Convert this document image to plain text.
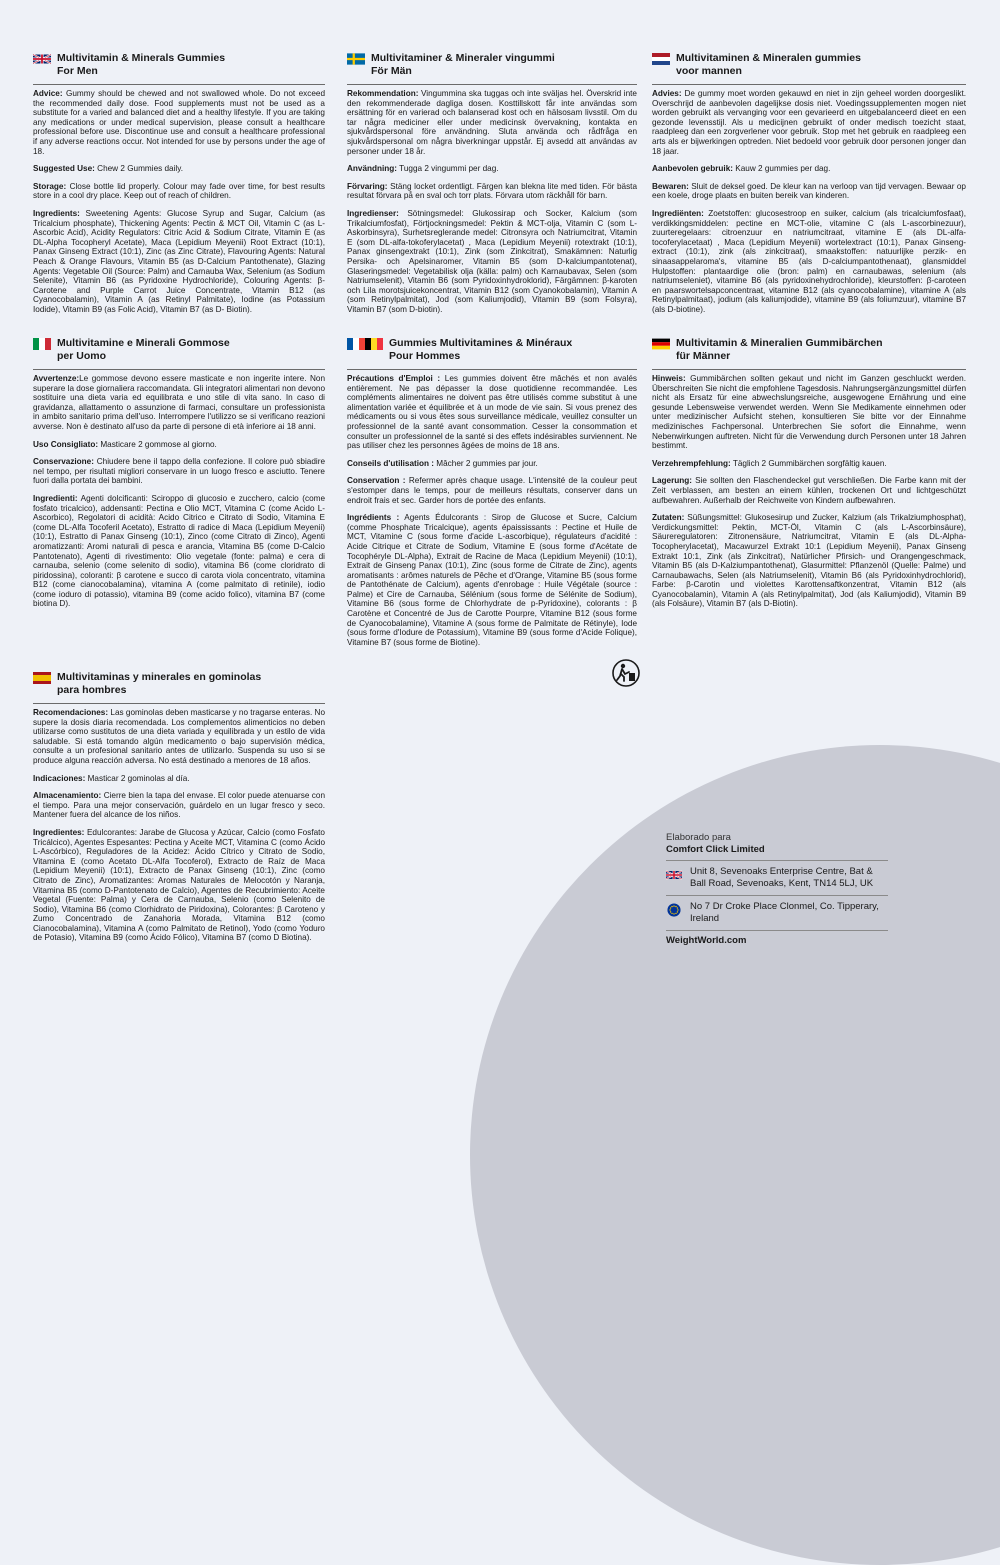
Multivitamin & Minerals Gummies
For Men

Advice: Gummy should be chewed and not swallowed whole. Do not exceed the recommended daily dose. Food supplements must not be used as a substitute for a varied and balanced diet and a healthy lifestyle. If you are taking any medications or under medical supervision, please consult a healthcare professional before use. Discontinue use and consult a healthcare professional if any adverse reactions occur. Not intended for use by persons under the age of 18.

Suggested Use: Chew 2 Gummies daily.

Storage: Close bottle lid properly. Colour may fade over time, for best results store in a cool dry place. Keep out of reach of children.

Ingredients: Sweetening Agents: Glucose Syrup and Sugar, Calcium (as Tricalcium phosphate), Thickening Agents: Pectin & MCT Oil, Vitamin C (as L-Ascorbic Acid), Acidity Regulators: Citric Acid & Sodium Citrate, Vitamin E (as DL-Alpha Tocopheryl Acetate), Maca (Lepidium Meyenii) Root Extract (10:1), Panax Ginseng Extract (10:1), Zinc (as Zinc Citrate), Flavouring Agents: Natural Peach & Orange Flavours, Vitamin B5 (as D-Calcium Pantothenate), Glazing Agents: Vegetable Oil (Source: Palm) and Carnauba Wax, Selenium (as Sodium Selenite), Vitamin B6 (as Pyridoxine Hydrochloride), Colouring Agents: β-Carotene and Purple Carrot Juice Concentrate, Vitamin B12 (as Cyanocobalamin), Vitamin A (as Retinyl Palmitate), Iodine (as Potassium Iodide), Vitamin B9 (as Folic Acid), Vitamin B7 (as D- Biotin).

Multivitaminer & Mineraler vingummi
För Män

Rekommendation: Vingummina ska tuggas och inte sväljas hel. Överskrid inte den rekommenderade dagliga dosen. Kosttillskott får inte användas som ersättning för en varierad och balanserad kost och en hälsosam livsstil. Om du tar några mediciner eller under medicinsk övervakning, kontakta en sjukvårdspersonal före användning. Sluta använda och rådfråga en sjukvårdspersonal om några biverkningar uppstår. Ej avsedd att användas av personer under 18 år.

Användning: Tugga 2 vingummi per dag.

Förvaring: Stäng locket ordentligt. Färgen kan blekna lite med tiden. För bästa resultat förvara på en sval och torr plats. Förvara utom räckhåll för barn.

Ingredienser: Sötningsmedel: Glukossirap och Socker, Kalcium (som Trikalciumfosfat), Förtjockningsmedel: Pektin & MCT-olja, Vitamin C (som L-Askorbinsyra), Surhetsreglerande medel: Citronsyra och Natriumcitrat, Vitamin E (som DL-alfa-tokoferylacetat) , Maca (Lepidium Meyenii) rotextrakt (10:1), Panax ginsengextrakt (10:1), Zink (som Zinkcitrat), Smakämnen: Naturlig Persika- och Apelsinaromer, Vitamin B5 (som D-kalciumpantotenat), Glaseringsmedel: Vegetabilisk olja (källa: palm) och Karnaubavax, Selen (som Natriumselenit), Vitamin B6 (som Pyridoxinhydroklorid), Färgämnen: β-karoten och Lila morotsjuicekoncentrat, Vitamin B12 (som Cyanokobalamin), Vitamin A (som Retinylpalmitat), Jod (som Kaliumjodid), Vitamin B9 (som Folsyra), Vitamin B7 (som D-biotin).

Multivitaminen & Mineralen gummies
voor mannen

Advies: De gummy moet worden gekauwd en niet in zijn geheel worden doorgeslikt. Overschrijd de aanbevolen dagelijkse dosis niet. Voedingssupplementen mogen niet worden gebruikt als vervanging voor een gevarieerd en uitgebalanceerd dieet en een gezonde levensstijl. Als u medicijnen gebruikt of onder medisch toezicht staat, raadpleeg dan een zorgverlener voor gebruik. Stop met het gebruik en raadpleeg een arts als er bijwerkingen optreden. Niet bedoeld voor gebruik door personen jonger dan 18 jaar.

Aanbevolen gebruik: Kauw 2 gummies per dag.

Bewaren: Sluit de deksel goed. De kleur kan na verloop van tijd vervagen. Bewaar op een koele, droge plaats en buiten bereik van kinderen.

Ingrediënten: Zoetstoffen: glucosestroop en suiker, calcium (als tricalciumfosfaat), verdikkingsmiddelen: pectine en MCT-olie, vitamine C (als L-ascorbinezuur), zuurteregelaars: citroenzuur en natriumcitraat, vitamine E (als DL-alfa-tocoferylacetaat) , Maca (Lepidium Meyenii) wortelextract (10:1), Panax Ginseng-extract (10:1), zink (als zinkcitraat), smaakstoffen: natuurlijke perzik- en sinaasappelaroma's, vitamine B5 (als D-calciumpantothenaat), glansmiddel Hulpstoffen: plantaardige olie (bron: palm) en carnaubawas, selenium (als natriumseleniet), vitamine B6 (als pyridoxinehydrochloride), kleurstoffen: β-caroteen en paarswortelsapconcentraat, vitamine B12 (als cyanocobalamine), vitamine A (als Retinylpalmitaat), jodium (als kaliumjodide), vitamine B9 (als foliumzuur), vitamine B7 (als D-biotine).

Multivitamine e Minerali Gommose
per Uomo

Avvertenze:Le gommose devono essere masticate e non ingerite intere. Non superare la dose giornaliera raccomandata. Gli integratori alimentari non devono sostituire una dieta varia ed equilibrata e uno stile di vita sano. In caso di gravidanza, allattamento o assunzione di farmaci, consultare un professionista in ambito sanitario prima dell'uso. Interrompere l'utilizzo se si verificano reazioni avverse. Non è destinato all'uso da parte di persone di età inferiore ai 18 anni.

Uso Consigliato: Masticare 2 gommose al giorno.

Conservazione: Chiudere bene il tappo della confezione. Il colore può sbiadire nel tempo, per risultati migliori conservare in un luogo fresco e asciutto. Tenere fuori dalla portata dei bambini.

Ingredienti: Agenti dolcificanti: Sciroppo di glucosio e zucchero, calcio (come fosfato tricalcico), addensanti: Pectina e Olio MCT, Vitamina C (come Acido L- Ascorbico), Regolatori di acidità: Acido Citrico e Citrato di Sodio, Vitamina E (come DL-Alfa Tocoferil Acetato), Estratto di radice di Maca (Lepidium Meyenii) (10:1), Estratto di Panax Ginseng (10:1), Zinco (come Citrato di Zinco), Agenti aromatizzanti: Aromi naturali di pesca e arancia, Vitamina B5 (come D-Calcio Pantotenato), Agenti di rivestimento: Olio vegetale (fonte: palma) e cera di carnauba, selenio (come selenito di sodio), vitamina B6 (come cloridrato di piridossina), coloranti: β carotene e succo di carota viola concentrato, vitamina B12 (come cianocobalamina), vitamina A (come palmitato di retinile), iodio (come ioduro di potassio), vitamina B9 (come acido folico), vitamina B7 (come biotina D).

Gummies Multivitamines & Minéraux
Pour Hommes

Précautions d'Emploi : Les gummies doivent être mâchés et non avalés entièrement. Ne pas dépasser la dose quotidienne recommandée. Les compléments alimentaires ne doivent pas être utilisés comme substitut à une alimentation variée et équilibrée et à un mode de vie sain. Si vous prenez des médicaments ou si vous êtes sous surveillance médicale, veuillez consulter un professionnel de la santé avant consommation. Cesser la consommation et consulter un professionnel de la santé si des effets indésirables surviennent. Ne pas utiliser chez les personnes âgées de moins de 18 ans.

Conseils d'utilisation : Mâcher 2 gummies par jour.

Conservation : Refermer après chaque usage. L'intensité de la couleur peut s'estomper dans le temps, pour de meilleurs résultats, conserver dans un endroit frais et sec. Garder hors de portée des enfants.

Ingrédients : Agents Édulcorants : Sirop de Glucose et Sucre, Calcium (comme Phosphate Tricalcique), agents épaississants : Pectine et Huile de MCT, Vitamine C (sous forme d'acide L-ascorbique), régulateurs d'acidité : Acide Citrique et Citrate de Sodium, Vitamine E (sous forme d'Acétate de Tocophéryle DL-Alpha), Extrait de Racine de Maca (Lepidium Meyenii) (10:1), Extrait de Ginseng Panax (10:1), Zinc (sous forme de Citrate de Zinc), agents aromatisants : arômes naturels de Pêche et d'Orange, Vitamine B5 (sous forme de Pantothénate de Calcium), agents d'enrobage : Huile Végétale (source : Palme) et Cire de Carnauba, Sélénium (sous forme de Sélénite de Sodium), Vitamine B6 (sous forme de Chlorhydrate de p-Pyridoxine), colorants : β Carotène et Concentré de Jus de Carotte Pourpre, Vitamine B12 (sous forme de Cyanocobalamine), Vitamine A (sous forme de Palmitate de Rétinyle), Iode (sous forme d'Iodure de Potassium), Vitamine B9 (sous forme d'Acide Folique), Vitamine B7 (sous forme de Biotine).

Multivitamin & Mineralien Gummibärchen
für Männer

Hinweis: Gummibärchen sollten gekaut und nicht im Ganzen geschluckt werden. Überschreiten Sie nicht die empfohlene Tagesdosis. Nahrungsergänzungsmittel dürfen nicht als Ersatz für eine abwechslungsreiche, ausgewogene Ernährung und eine gesunde Lebensweise verwendet werden. Wenn Sie Medikamente einnehmen oder unter medizinischer Aufsicht stehen, konsultieren Sie bitte vor der Einnahme medizinisches Fachpersonal. Unterbrechen Sie sofort die Einnahme, wenn Nebenwirkungen auftreten. Nicht für die Verwendung durch Personen unter 18 Jahren bestimmt.

Verzehrempfehlung: Täglich 2 Gummibärchen sorgfältig kauen.

Lagerung: Sie sollten den Flaschendeckel gut verschließen. Die Farbe kann mit der Zeit verblassen, am besten an einem kühlen, trockenen Ort und lichtgeschützt aufbewahren. Außerhalb der Reichweite von Kindern aufbewahren.

Zutaten: Süßungsmittel: Glukosesirup und Zucker, Kalzium (als Trikalziumphosphat), Verdickungsmittel: Pektin, MCT-Öl, Vitamin C (als L-Ascorbinsäure), Säureregulatoren: Zitronensäure, Natriumcitrat, Vitamin E (als DL-Alpha-Tocopherylacetat), Macawurzel Extrakt 10:1 (Lepidium Meyenii), Panax Ginseng Extrakt 10:1, Zink (als Zinkcitrat), Natürlicher Pfirsich- und Orangengeschmack, Vitamin B5 (als D-Kalziumpantothenat), Glasurmittel: Pflanzenöl (Quelle: Palme) und Carnaubawachs, Selen (als Natriumselenit), Vitamin B6 (als Pyridoxinhydrochlorid), Farbe: β-Carotin und violettes Karottensaftkonzentrat, Vitamin B12 (als Cyanocobalamin), Vitamin A (als Retinylpalmitat), Jod (als Kaliumjodid), Vitamin B9 (als Folsäure), Vitamin B7 (als D-Biotin).

Multivitaminas y minerales en gominolas
para hombres

Recomendaciones: Las gominolas deben masticarse y no tragarse enteras. No supere la dosis diaria recomendada. Los complementos alimenticios no deben utilizarse como sustitutos de una dieta variada y equilibrada y un estilo de vida saludable. Si está tomando algún medicamento o bajo supervisión médica, consulte a un profesional sanitario antes de utilizarlo. Suspenda su uso si se produce alguna reacción adversa. No está destinado a menores de 18 años.

Indicaciones: Masticar 2 gominolas al día.

Almacenamiento: Cierre bien la tapa del envase. El color puede atenuarse con el tiempo. Para una mejor conservación, guárdelo en un lugar fresco y seco. Mantener fuera del alcance de los niños.

Ingredientes: Edulcorantes: Jarabe de Glucosa y Azúcar, Calcio (como Fosfato Tricálcico), Agentes Espesantes: Pectina y Aceite MCT, Vitamina C (como Ácido L-Ascórbico), Reguladores de la Acidez: Ácido Cítrico y Citrato de Sodio, Vitamina E (como Acetato DL-Alfa Tocoferol), Extracto de Raíz de Maca (Lepidium Meyenii) (10:1), Extracto de Panax Ginseng (10:1), Zinc (como Citrato de Zinc), Aromatizantes: Aromas Naturales de Melocotón y Naranja, Vitamina B5 (como D-Pantotenato de Calcio), Agentes de Recubrimiento: Aceite Vegetal (Fuente: Palma) y Cera de Carnauba, Selenio (como Selenito de Sodio), Vitamina B6 (como Clorhidrato de Piridoxina), Colorantes: β Caroteno y Zumo Concentrado de Zanahoria Morada, Vitamina B12 (como Cianocobalamina), Vitamina A (como Palmitato de Retinol), Yodo (como Yoduro de Potasio), Vitamina B9 (como Ácido Fólico), Vitamina B7 (como D Biotina).

Elaborado para
Comfort Click Limited
Unit 8, Sevenoaks Enterprise Centre, Bat & Ball Road, Sevenoaks, Kent, TN14 5LJ, UK
No 7 Dr Croke Place Clonmel, Co. Tipperary, Ireland
WeightWorld.com
